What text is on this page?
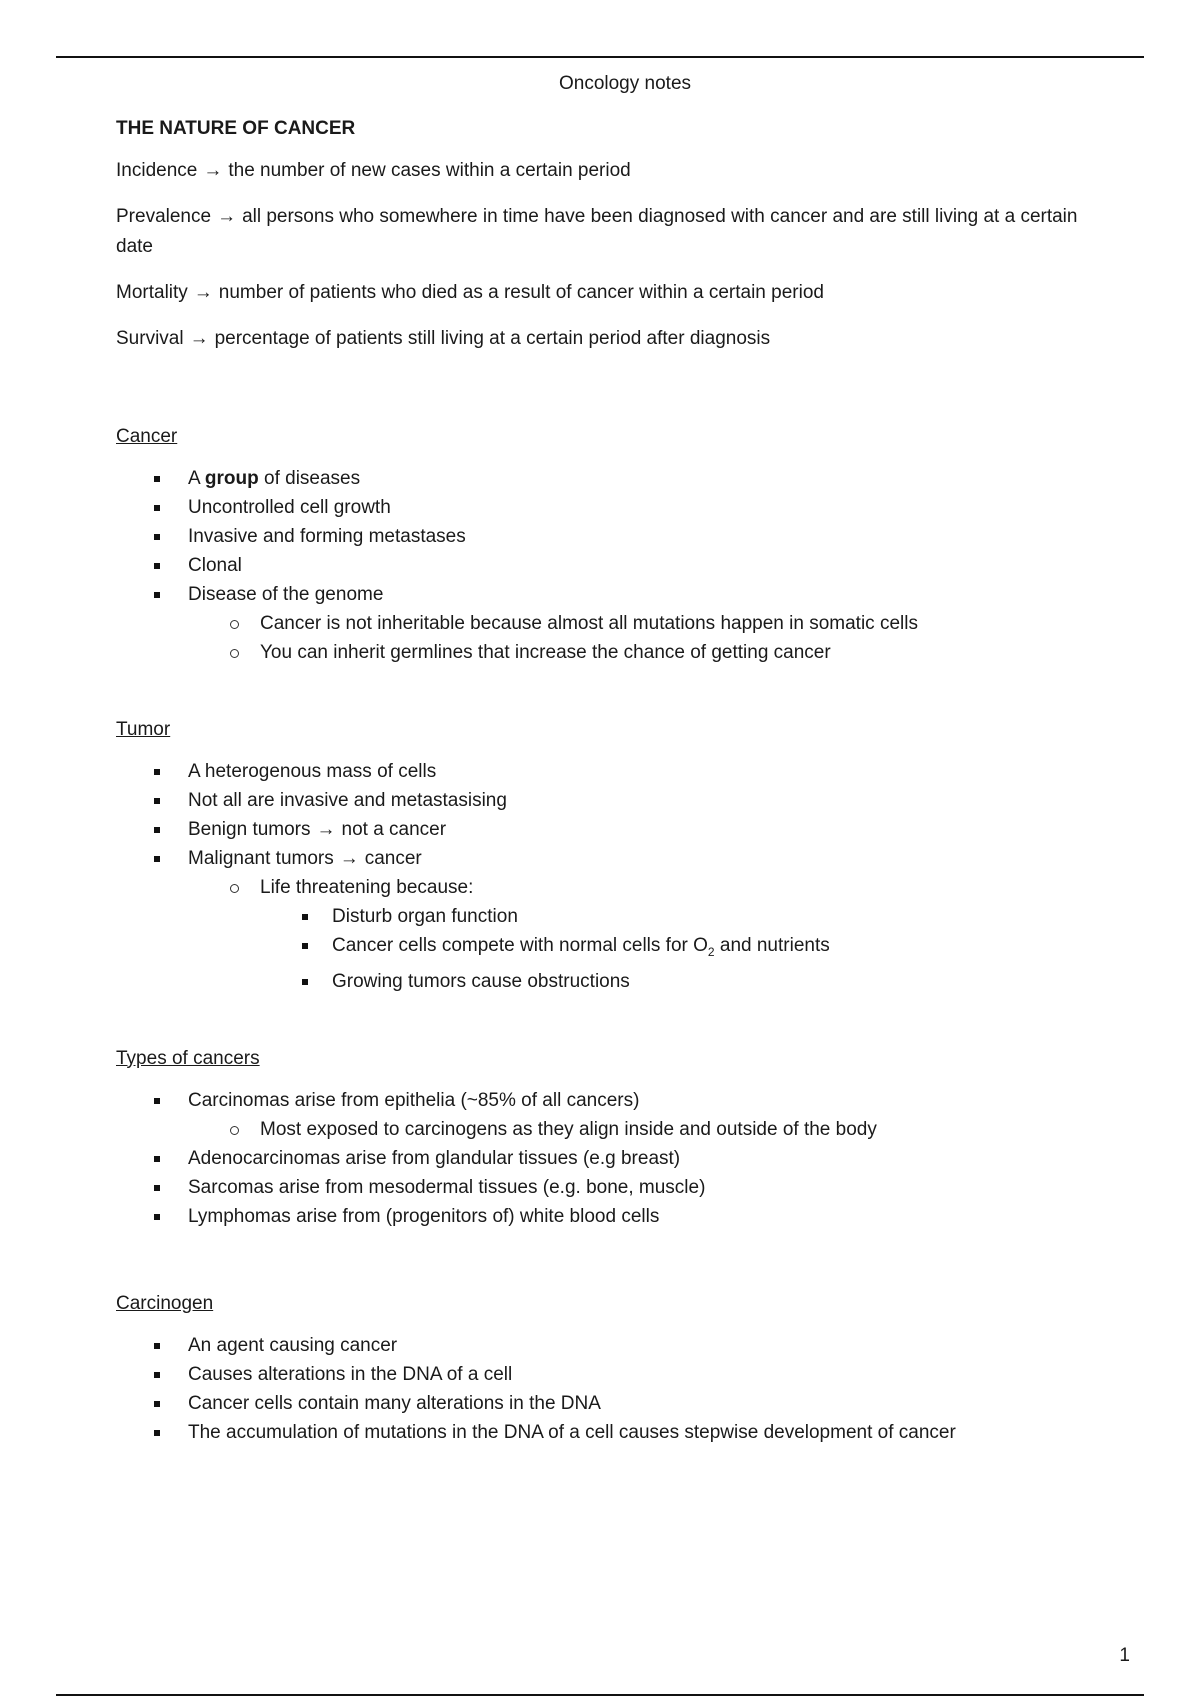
Oncology notes
THE NATURE OF CANCER
Incidence → the number of new cases within a certain period
Prevalence → all persons who somewhere in time have been diagnosed with cancer and are still living at a certain date
Mortality → number of patients who died as a result of cancer within a certain period
Survival → percentage of patients still living at a certain period after diagnosis
Cancer
A group of diseases
Uncontrolled cell growth
Invasive and forming metastases
Clonal
Disease of the genome
Cancer is not inheritable because almost all mutations happen in somatic cells
You can inherit germlines that increase the chance of getting cancer
Tumor
A heterogenous mass of cells
Not all are invasive and metastasising
Benign tumors → not a cancer
Malignant tumors → cancer
Life threatening because:
Disturb organ function
Cancer cells compete with normal cells for $O_2$ and nutrients
Growing tumors cause obstructions
Types of cancers
Carcinomas arise from epithelia (~85% of all cancers)
Most exposed to carcinogens as they align inside and outside of the body
Adenocarcinomas arise from glandular tissues (e.g breast)
Sarcomas arise from mesodermal tissues (e.g. bone, muscle)
Lymphomas arise from (progenitors of) white blood cells
Carcinogen
An agent causing cancer
Causes alterations in the DNA of a cell
Cancer cells contain many alterations in the DNA
The accumulation of mutations in the DNA of a cell causes stepwise development of cancer
1
